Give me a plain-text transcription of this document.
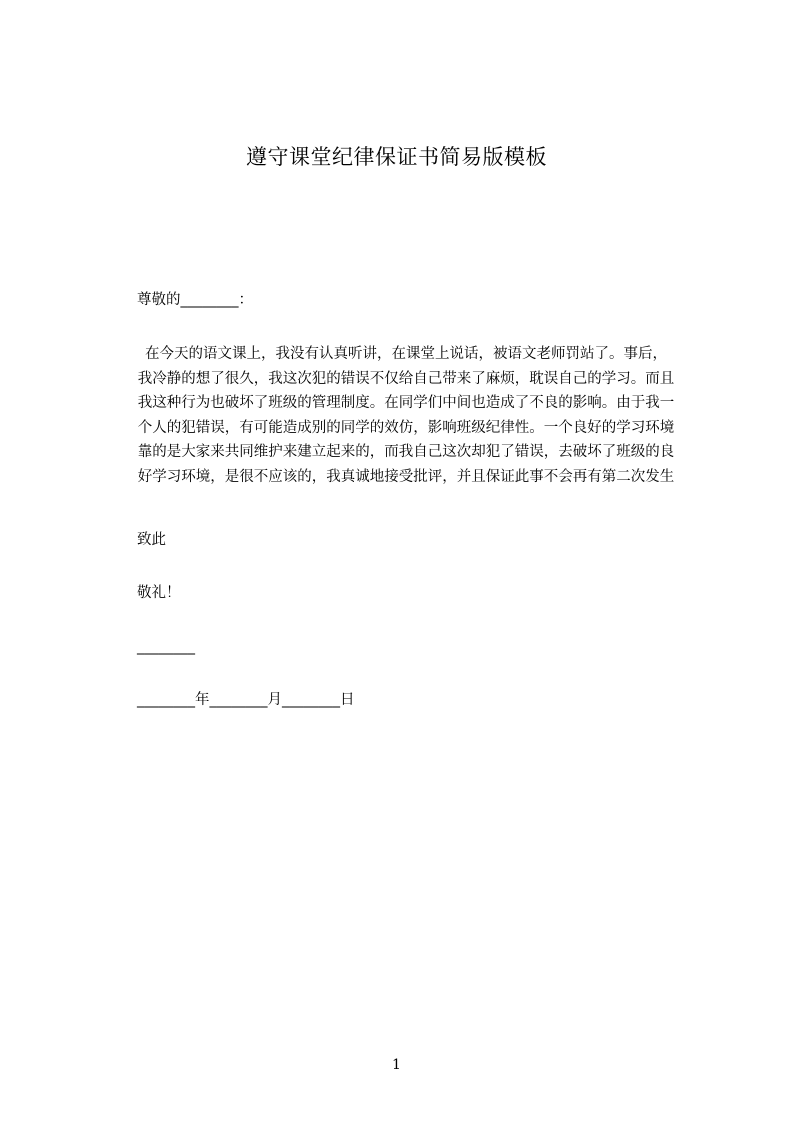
遵守课堂纪律保证书简易版模板

尊敬的________：

在今天的语文课上，我没有认真听讲，在课堂上说话，被语文老师罚站了。事后，
我冷静的想了很久，我这次犯的错误不仅给自己带来了麻烦，耽误自己的学习。而且
我这种行为也破坏了班级的管理制度。在同学们中间也造成了不良的影响。由于我一
个人的犯错误，有可能造成别的同学的效仿，影响班级纪律性。一个良好的学习环境
靠的是大家来共同维护来建立起来的，而我自己这次却犯了错误，去破坏了班级的良
好学习环境，是很不应该的，我真诚地接受批评，并且保证此事不会再有第二次发生

致此

敬礼！

________

________年________月________日

1
